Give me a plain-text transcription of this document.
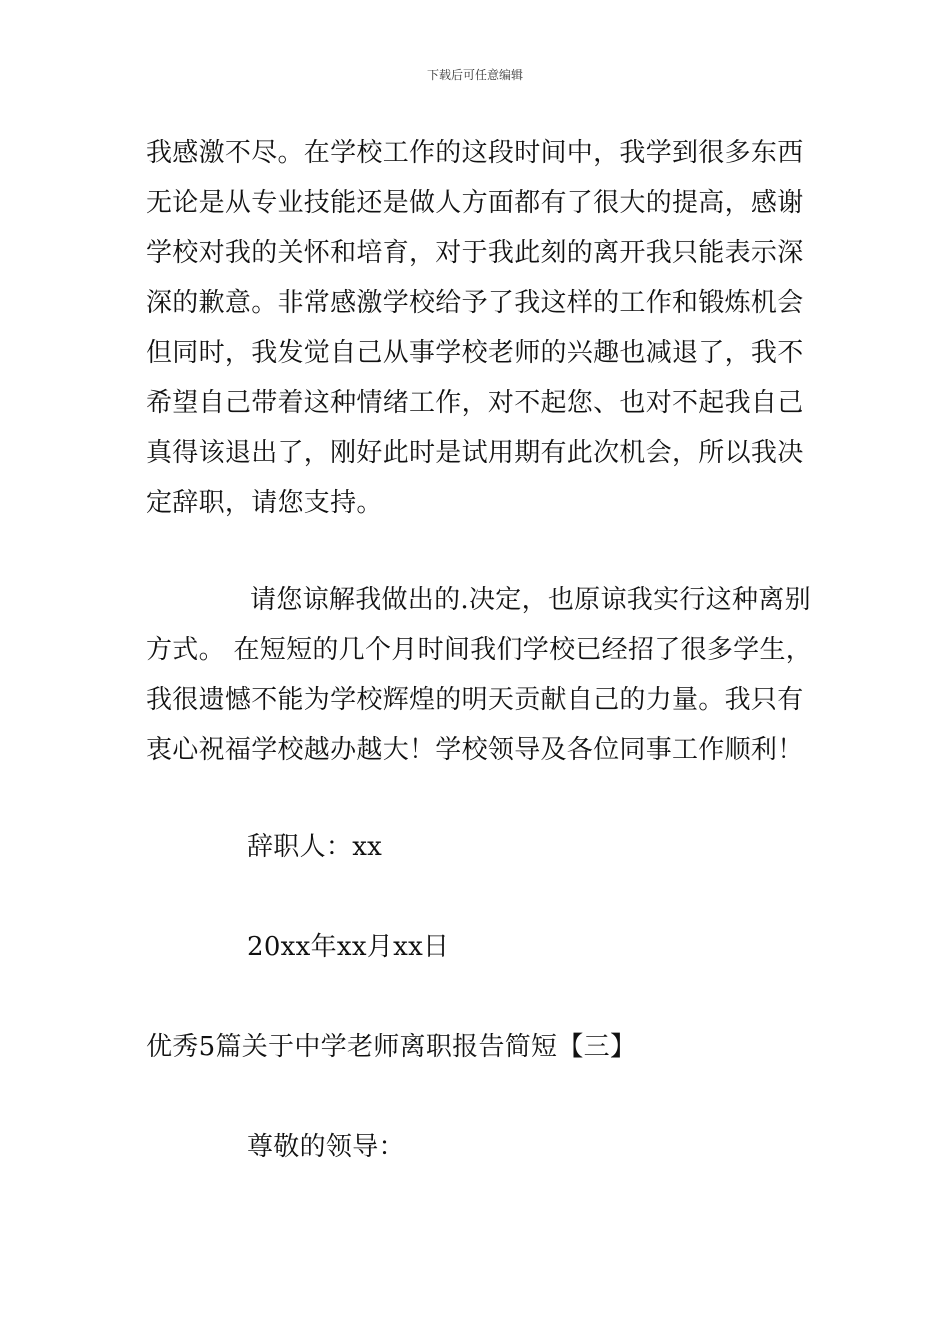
下载后可任意编辑
我感激不尽。在学校工作的这段时间中，我学到很多东西
无论是从专业技能还是做人方面都有了很大的提高，感谢
学校对我的关怀和培育，对于我此刻的离开我只能表示深
深的歉意。非常感激学校给予了我这样的工作和锻炼机会
但同时，我发觉自己从事学校老师的兴趣也减退了，我不
希望自己带着这种情绪工作，对不起您、也对不起我自己
真得该退出了，刚好此时是试用期有此次机会，所以我决
定辞职，请您支持。
请您谅解我做出的.决定，也原谅我实行这种离别
方式。 在短短的几个月时间我们学校已经招了很多学生，
我很遗憾不能为学校辉煌的明天贡献自己的力量。我只有
衷心祝福学校越办越大！学校领导及各位同事工作顺利！
辞职人：xx
20xx年xx月xx日
优秀5篇关于中学老师离职报告简短【三】
尊敬的领导：
